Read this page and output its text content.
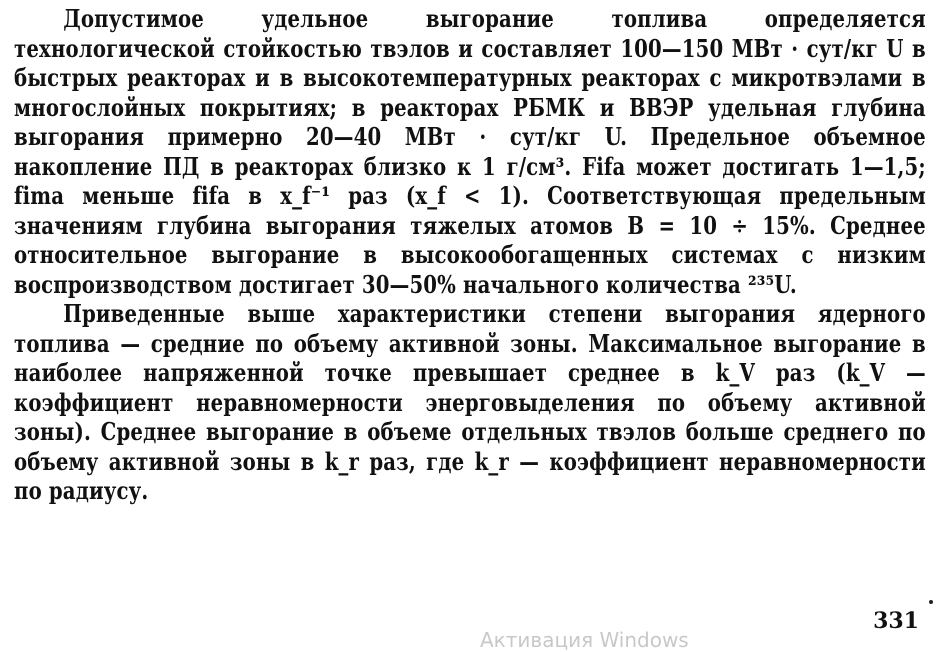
Допустимое удельное выгорание топлива определяется технологической стойкостью твэлов и составляет 100—150 МВт · сут/кг U в быстрых реакторах и в высокотемпературных реакторах с микротвэлами в многослойных покрытиях; в реакторах РБМК и ВВЭР удельная глубина выгорания примерно 20—40 МВт · сут/кг U. Предельное объемное накопление ПД в реакторах близко к 1 г/см³. Fifa может достигать 1—1,5; fima меньше fifa в x_f⁻¹ раз (x_f < 1). Соответствующая предельным значениям глубина выгорания тяжелых атомов B = 10 ÷ 15%. Среднее относительное выгорание в высокообогащенных системах с низким воспроизводством достигает 30—50% начального количества ²³⁵U.

Приведенные выше характеристики степени выгорания ядерного топлива — средние по объему активной зоны. Максимальное выгорание в наиболее напряженной точке превышает среднее в k_V раз (k_V — коэффициент неравномерности энерговыделения по объему активной зоны). Среднее выгорание в объеме отдельных твэлов больше среднего по объему активной зоны в k_r раз, где k_r — коэффициент неравномерности по радиусу.

331
Активация Windows
